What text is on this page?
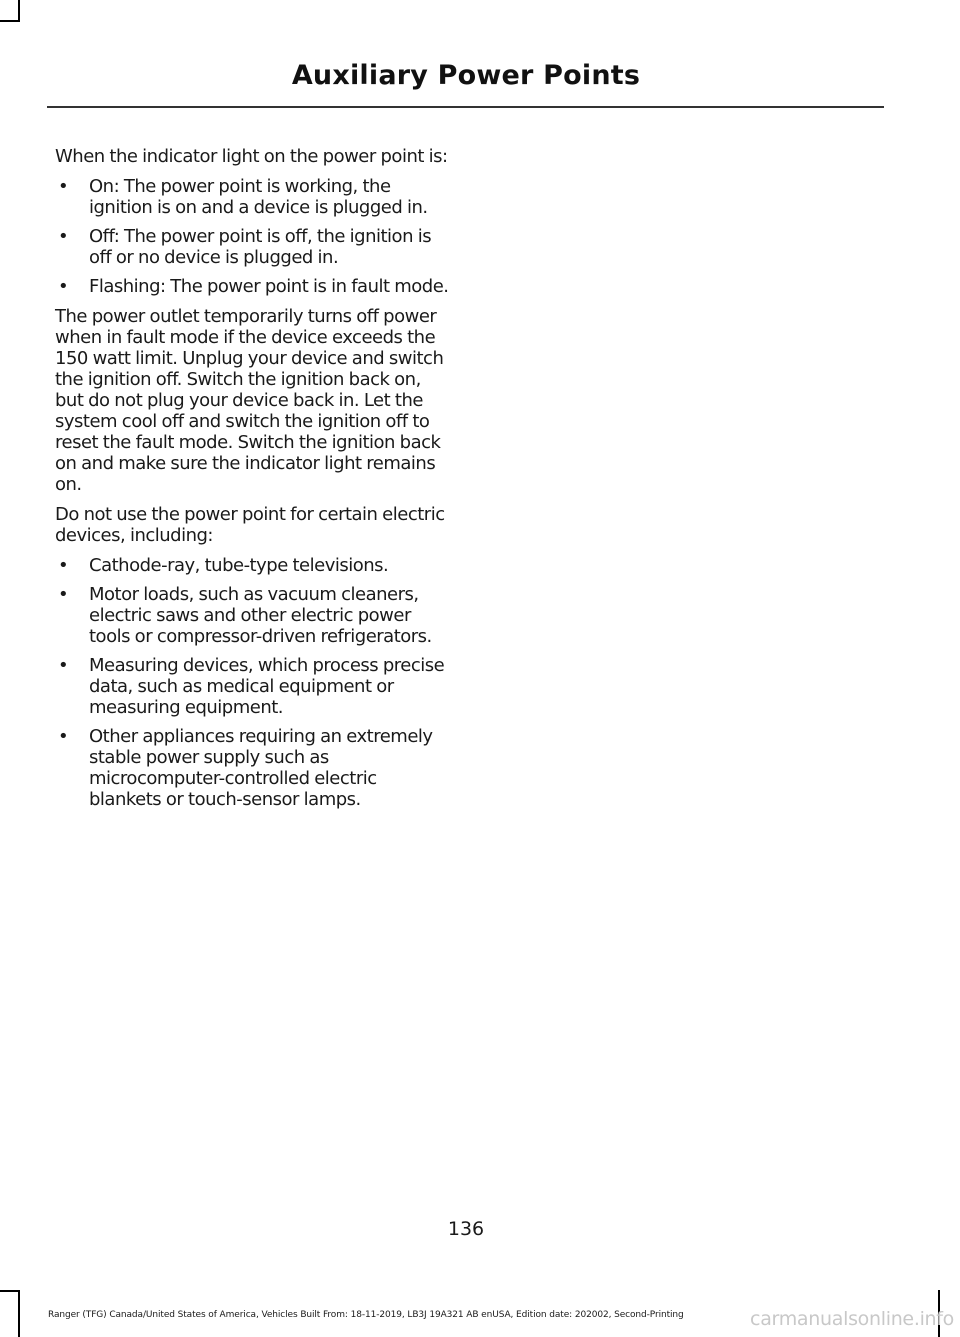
Auxiliary Power Points

When the indicator light on the power point is:

• On: The power point is working, the ignition is on and a device is plugged in.
• Off: The power point is off, the ignition is off or no device is plugged in.
• Flashing: The power point is in fault mode.

The power outlet temporarily turns off power when in fault mode if the device exceeds the 150 watt limit. Unplug your device and switch the ignition off. Switch the ignition back on, but do not plug your device back in. Let the system cool off and switch the ignition off to reset the fault mode. Switch the ignition back on and make sure the indicator light remains on.

Do not use the power point for certain electric devices, including:

• Cathode-ray, tube-type televisions.
• Motor loads, such as vacuum cleaners, electric saws and other electric power tools or compressor-driven refrigerators.
• Measuring devices, which process precise data, such as medical equipment or measuring equipment.
• Other appliances requiring an extremely stable power supply such as microcomputer-controlled electric blankets or touch-sensor lamps.
136
Ranger (TFG) Canada/United States of America, Vehicles Built From: 18-11-2019, LB3J 19A321 AB enUSA, Edition date: 202002, Second-Printing	carmanualsonline.info
